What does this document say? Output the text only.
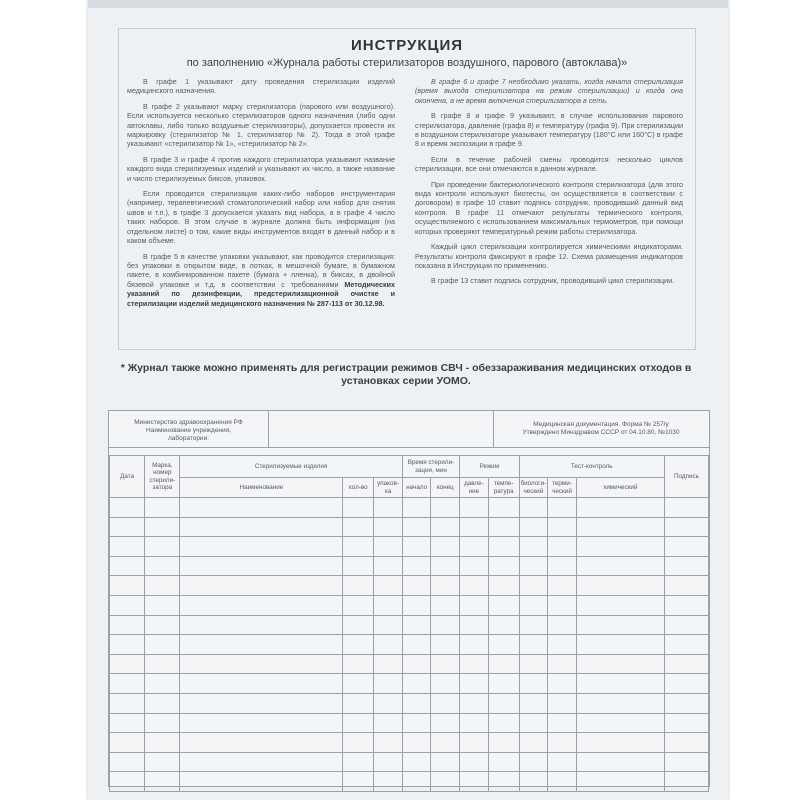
ИНСТРУКЦИЯ
по заполнению «Журнала работы стерилизаторов воздушного, парового (автоклава)»

В графе 1 указывают дату проведения стерилизации изделий медицинского назначения.

В графе 2 указывают марку стерилизатора (парового или воздушного). Если используется несколько стерилизаторов одного назначения (либо одни автоклавы, либо только воздушные стерилизаторы), допускается провести их маркировку (стерилизатор № 1, стерилизатор № 2). Тогда в этой графе указывают «стерилизатор № 1», «стерилизатор № 2».

В графе 3 и графе 4 против каждого стерилизатора указывают название каждого вида стерилизуемых изделий и указывают их число, а также название и число стерилизуемых биксов, упаковок.

Если проводится стерилизация каких-либо наборов инструментария (например, терапевтический стоматологический набор или набор для снятия швов и т.п.), в графе 3 допускается указать вид набора, а в графе 4 число таких наборов. В этом случае в журнале должна быть информация (на отдельном листе) о том, какие виды инструментов входят в данный набор и в каком объеме.

В графе 5 в качестве упаковки указывают, как проводится стерилизация: без упаковки в открытом виде, в лотках, в мешочной бумаге, в бумажном пакете, в комбинированном пакете (бумага + пленка), в биксах, в двойной бязевой упаковке и т.д. в соответствии с требованиями Методических указаний по дезинфекции, предстерилизационной очистке и стерилизации изделий медицинского назначения № 287-113 от 30.12.98.

В графе 6 и графе 7 необходимо указать, когда начата стерилизация (время выхода стерилизатора на режим стерилизации) и когда она окончена, а не время включения стерилизатора в сеть.

В графе 8 и графе 9 указывают, в случае использования парового стерилизатора, давление (графа 8) и температуру (графа 9). При стерилизации в воздушном стерилизаторе указывают температуру (180°С или 160°С) в графе 8 и время экспозиции в графе 9.

Если в течение рабочей смены проводится несколько циклов стерилизации, все они отмечаются в данном журнале.

При проведении бактериологического контроля стерилизатора (для этого вида контроля используют биотесты, он осуществляется в соответствии с договором) в графе 10 ставит подпись сотрудник, проводивший данный вид контроля. В графе 11 отмечают результаты термического контроля, осуществляемого с использованием максимальных термометров, при помощи которых проверяют температурный режим работы стерилизатора.

Каждый цикл стерилизации контролируется химическими индикаторами. Результаты контроля фиксируют в графе 12. Схема размещения индикаторов показана в Инструкции по применению.

В графе 13 ставит подпись сотрудник, проводивший цикл стерилизации.

* Журнал также можно применять для регистрации режимов СВЧ - обеззараживания медицинских отходов в установках серии УОМО.
Министерство здравоохранения РФ
Наименование учреждения,
лаборатории:
Медицинская документация. Форма № 257/у
Утверждено Минздравом СССР от 04.10.80, №1030
Дата	Марка, номер стерили-затора	Стерилизуемые изделия			Время стерили-зации, мин		Режим		Тест-контроль			Подпись
		Наименование	кол-во	упаков-ка	начало	конец	давле-ние	темпе-ратура	биологи-ческий	терми-ческий	химический	
